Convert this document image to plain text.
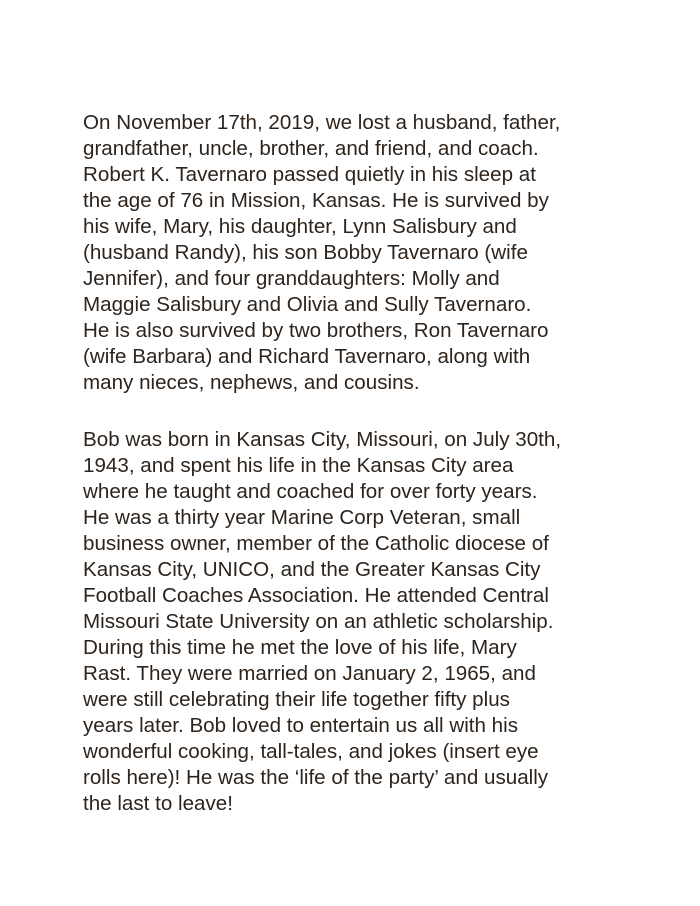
On November 17th, 2019, we lost a husband, father,
grandfather, uncle, brother, and friend, and coach.
Robert K. Tavernaro passed quietly in his sleep at
the age of 76 in Mission, Kansas. He is survived by
his wife, Mary, his daughter, Lynn Salisbury and
(husband Randy), his son Bobby Tavernaro (wife
Jennifer), and four granddaughters: Molly and
Maggie Salisbury and Olivia and Sully Tavernaro.
He is also survived by two brothers, Ron Tavernaro
(wife Barbara) and Richard Tavernaro, along with
many nieces, nephews, and cousins.
Bob was born in Kansas City, Missouri, on July 30th,
1943, and spent his life in the Kansas City area
where he taught and coached for over forty years.
He was a thirty year Marine Corp Veteran, small
business owner, member of the Catholic diocese of
Kansas City, UNICO, and the Greater Kansas City
Football Coaches Association. He attended Central
Missouri State University on an athletic scholarship.
During this time he met the love of his life, Mary
Rast. They were married on January 2, 1965, and
were still celebrating their life together fifty plus
years later. Bob loved to entertain us all with his
wonderful cooking, tall-tales, and jokes (insert eye
rolls here)! He was the ‘life of the party’ and usually
the last to leave!
